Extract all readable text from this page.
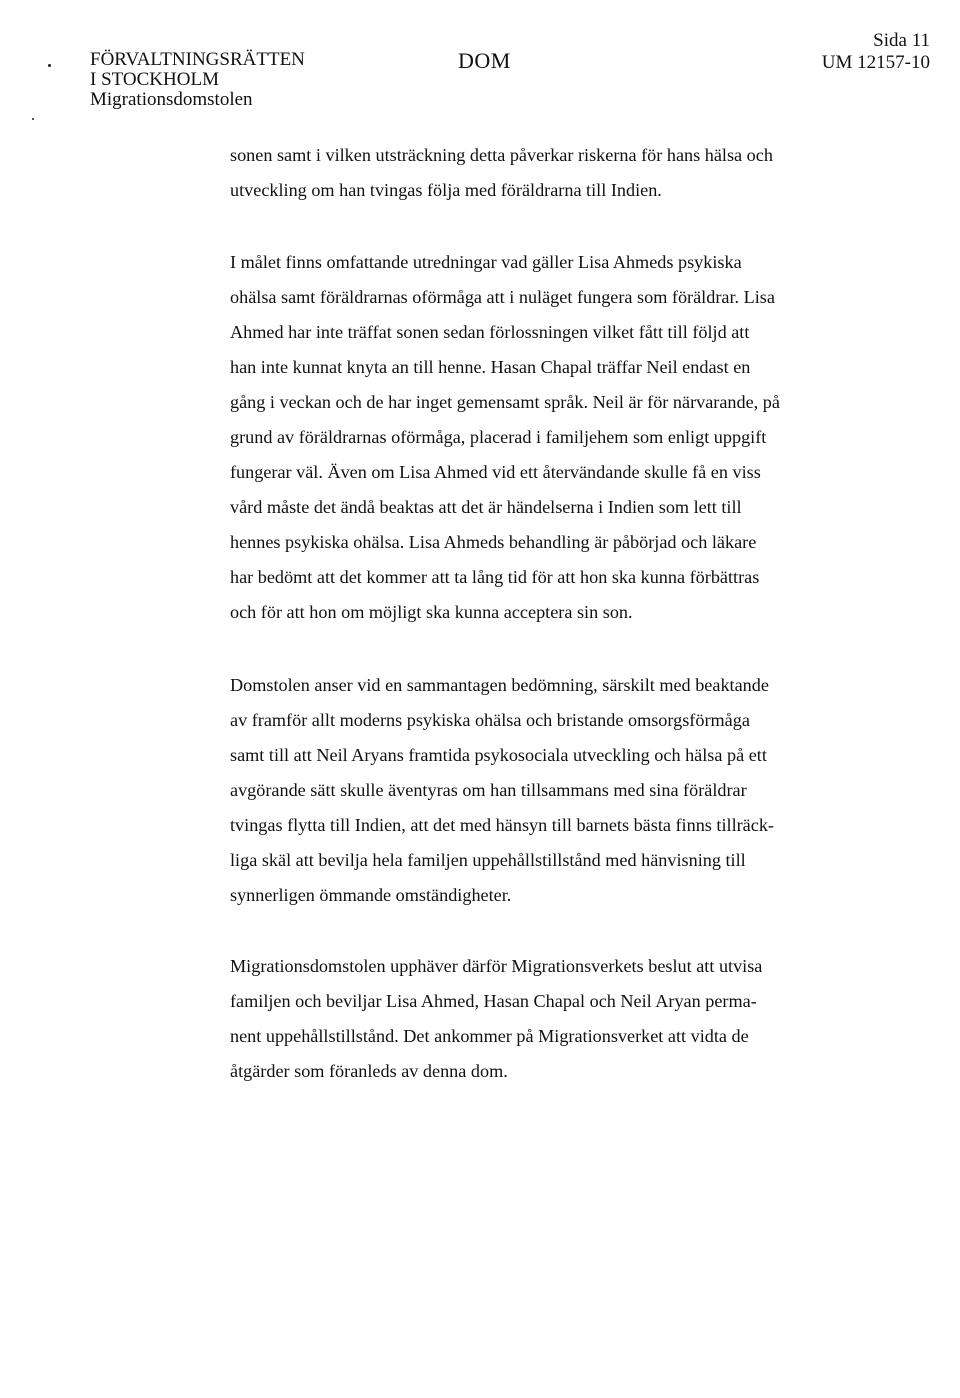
FÖRVALTNINGSRÄTTEN
I STOCKHOLM
Migrationsdomstolen
DOM
Sida 11
UM 12157-10

sonen samt i vilken utsträckning detta påverkar riskerna för hans hälsa och
utveckling om han tvingas följa med föräldrarna till Indien.

I målet finns omfattande utredningar vad gäller Lisa Ahmeds psykiska
ohälsa samt föräldrarnas oförmåga att i nuläget fungera som föräldrar. Lisa
Ahmed har inte träffat sonen sedan förlossningen vilket fått till följd att
han inte kunnat knyta an till henne. Hasan Chapal träffar Neil endast en
gång i veckan och de har inget gemensamt språk. Neil är för närvarande, på
grund av föräldrarnas oförmåga, placerad i familjehem som enligt uppgift
fungerar väl. Även om Lisa Ahmed vid ett återvändande skulle få en viss
vård måste det ändå beaktas att det är händelserna i Indien som lett till
hennes psykiska ohälsa. Lisa Ahmeds behandling är påbörjad och läkare
har bedömt att det kommer att ta lång tid för att hon ska kunna förbättras
och för att hon om möjligt ska kunna acceptera sin son.

Domstolen anser vid en sammantagen bedömning, särskilt med beaktande
av framför allt moderns psykiska ohälsa och bristande omsorgsförmåga
samt till att Neil Aryans framtida psykosociala utveckling och hälsa på ett
avgörande sätt skulle äventyras om han tillsammans med sina föräldrar
tvingas flytta till Indien, att det med hänsyn till barnets bästa finns tillräck-
liga skäl att bevilja hela familjen uppehållstillstånd med hänvisning till
synnerligen ömmande omständigheter.

Migrationsdomstolen upphäver därför Migrationsverkets beslut att utvisa
familjen och beviljar Lisa Ahmed, Hasan Chapal och Neil Aryan perma-
nent uppehållstillstånd. Det ankommer på Migrationsverket att vidta de
åtgärder som föranleds av denna dom.
